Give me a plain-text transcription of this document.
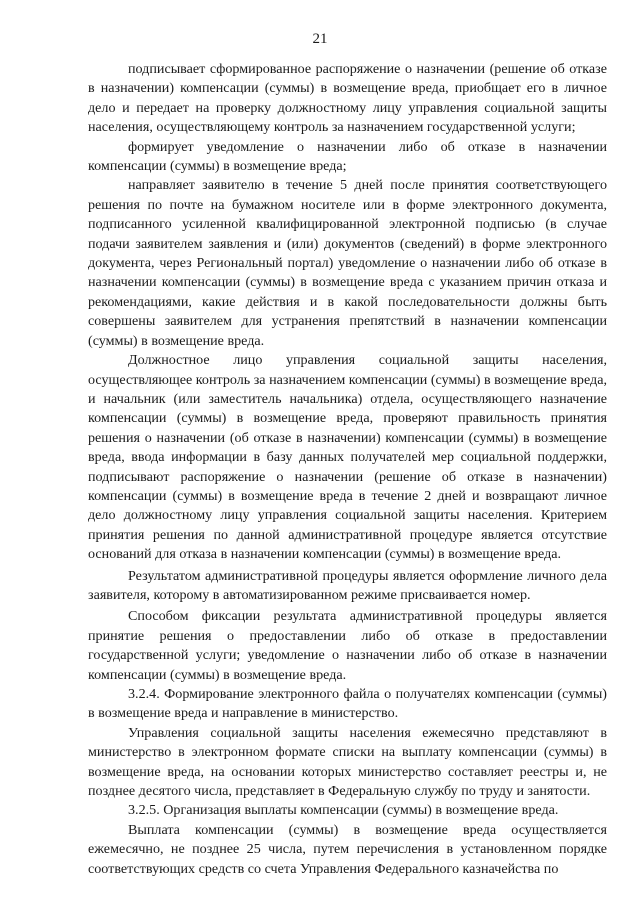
21

подписывает сформированное распоряжение о назначении (решение об отказе в назначении) компенсации (суммы) в возмещение вреда, приобщает его в личное дело и передает на проверку должностному лицу управления социальной защиты населения, осуществляющему контроль за назначением государственной услуги;

формирует уведомление о назначении либо об отказе в назначении компенсации (суммы) в возмещение вреда;

направляет заявителю в течение 5 дней после принятия соответствующего решения по почте на бумажном носителе или в форме электронного документа, подписанного усиленной квалифицированной электронной подписью (в случае подачи заявителем заявления и (или) документов (сведений) в форме электронного документа, через Региональный портал) уведомление о назначении либо об отказе в назначении компенсации (суммы) в возмещение вреда с указанием причин отказа и рекомендациями, какие действия и в какой последовательности должны быть совершены заявителем для устранения препятствий в назначении компенсации (суммы) в возмещение вреда.

Должностное лицо управления социальной защиты населения, осуществляющее контроль за назначением компенсации (суммы) в возмещение вреда, и начальник (или заместитель начальника) отдела, осуществляющего назначение компенсации (суммы) в возмещение вреда, проверяют правильность принятия решения о назначении (об отказе в назначении) компенсации (суммы) в возмещение вреда, ввода информации в базу данных получателей мер социальной поддержки, подписывают распоряжение о назначении (решение об отказе в назначении) компенсации (суммы) в возмещение вреда в течение 2 дней и возвращают личное дело должностному лицу управления социальной защиты населения. Критерием принятия решения по данной административной процедуре является отсутствие оснований для отказа в назначении компенсации (суммы) в возмещение вреда.

Результатом административной процедуры является оформление личного дела заявителя, которому в автоматизированном режиме присваивается номер.

Способом фиксации результата административной процедуры является принятие решения о предоставлении либо об отказе в предоставлении государственной услуги; уведомление о назначении либо об отказе в назначении компенсации (суммы) в возмещение вреда.

3.2.4. Формирование электронного файла о получателях компенсации (суммы) в возмещение вреда и направление в министерство.

Управления социальной защиты населения ежемесячно представляют в министерство в электронном формате списки на выплату компенсации (суммы) в возмещение вреда, на основании которых министерство составляет реестры и, не позднее десятого числа, представляет в Федеральную службу по труду и занятости.

3.2.5. Организация выплаты компенсации (суммы) в возмещение вреда.

Выплата компенсации (суммы) в возмещение вреда осуществляется ежемесячно, не позднее 25 числа, путем перечисления в установленном порядке соответствующих средств со счета Управления Федерального казначейства по
